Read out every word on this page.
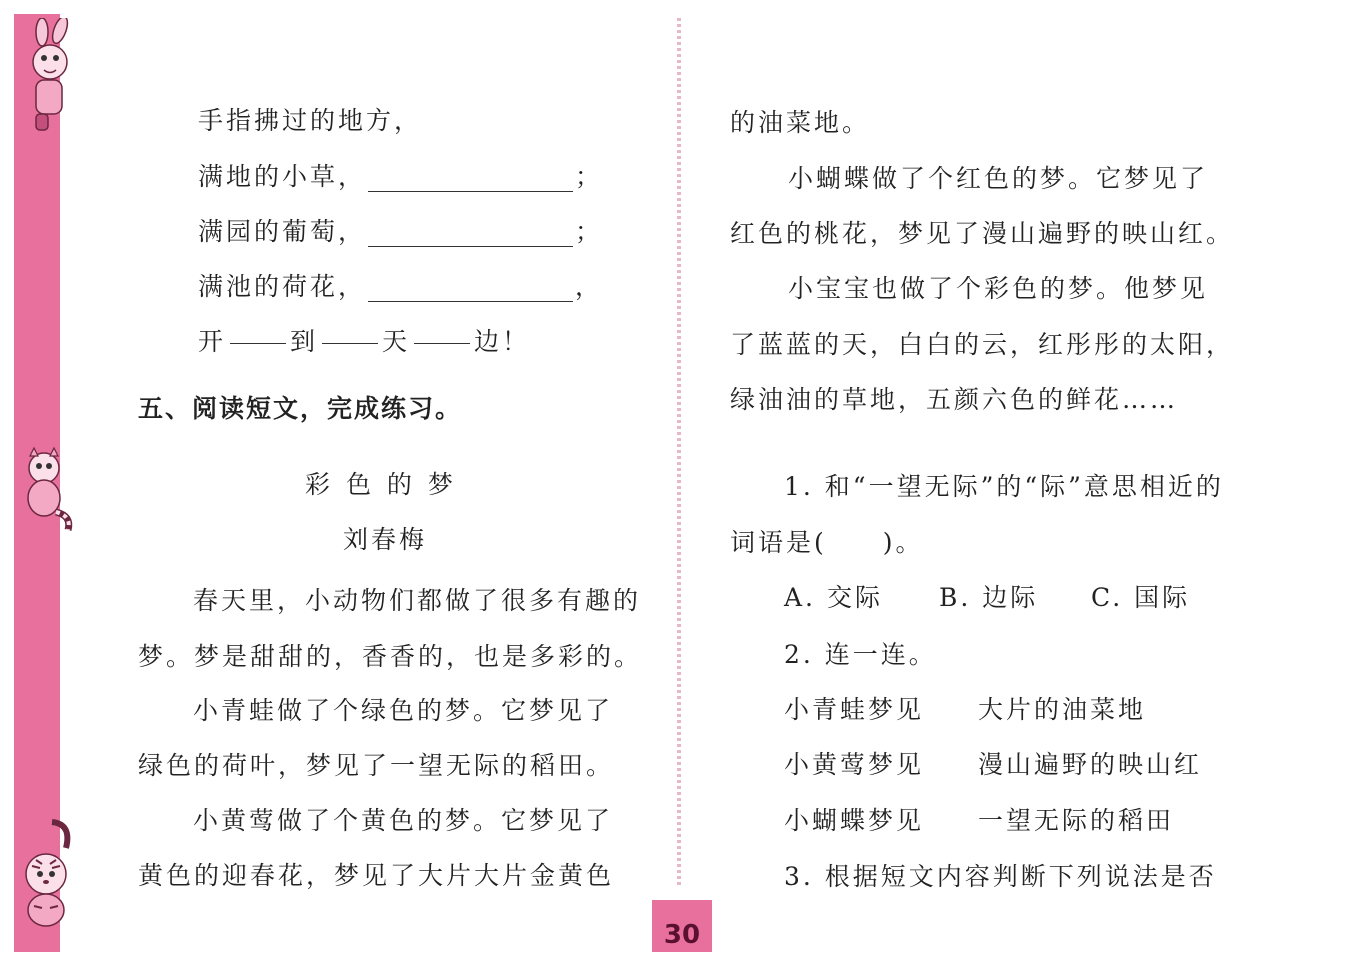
手指拂过的地方，
满地的小草，	；
满园的葡萄，	；
满池的荷花，	，
开	到	天	边！
五、阅读短文，完成练习。
彩 色 的 梦
刘春梅
春天里，小动物们都做了很多有趣的
梦。梦是甜甜的，香香的，也是多彩的。
小青蛙做了个绿色的梦。它梦见了
绿色的荷叶，梦见了一望无际的稻田。
小黄莺做了个黄色的梦。它梦见了
黄色的迎春花，梦见了大片大片金黄色
的油菜地。
小蝴蝶做了个红色的梦。它梦见了
红色的桃花，梦见了漫山遍野的映山红。
小宝宝也做了个彩色的梦。他梦见
了蓝蓝的天，白白的云，红彤彤的太阳，
绿油油的草地，五颜六色的鲜花……
1. 和“一望无际”的“际”意思相近的
词语是(　　)。
A. 交际 B. 边际 C. 国际
2. 连一连。
小青蛙梦见 大片的油菜地
小黄莺梦见 漫山遍野的映山红
小蝴蝶梦见 一望无际的稻田
3. 根据短文内容判断下列说法是否
30
